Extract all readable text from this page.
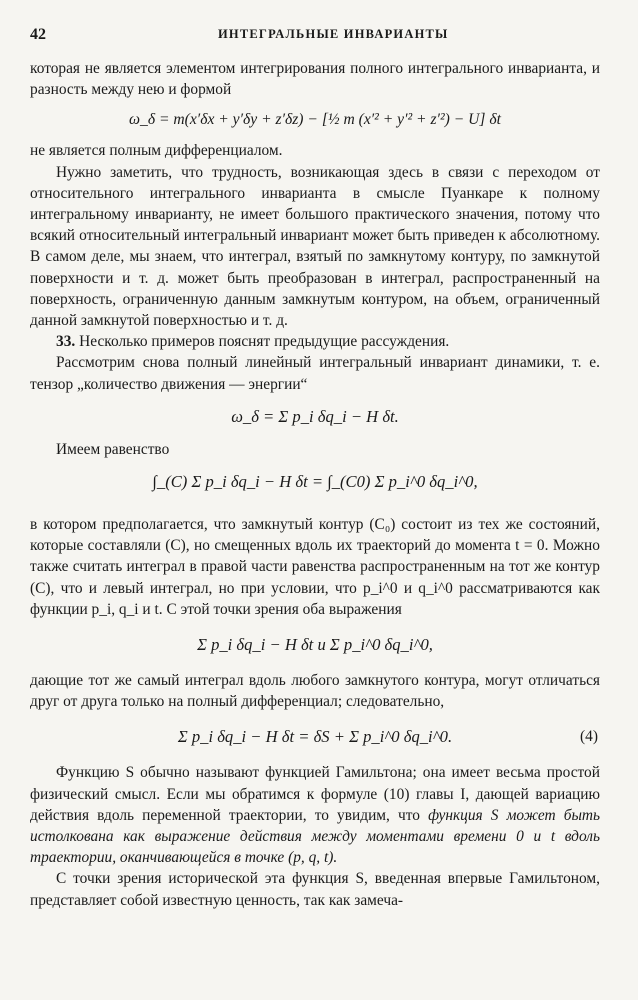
42	ИНТЕГРАЛЬНЫЕ ИНВАРИАНТЫ

которая не является элементом интегрирования полного интегрального инварианта, и разность между нею и формой

ω_δ = m(x′δx + y′δy + z′δz) − [½ m (x′² + y′² + z′²) − U] δt

не является полным дифференциалом.

Нужно заметить, что трудность, возникающая здесь в связи с переходом от относительного интегрального инварианта в смысле Пуанкаре к полному интегральному инварианту, не имеет большого практического значения, потому что всякий относительный интегральный инвариант может быть приведен к абсолютному. В самом деле, мы знаем, что интеграл, взятый по замкнутому контуру, по замкнутой поверхности и т. д. может быть преобразован в интеграл, распространенный на поверхность, ограниченную данным замкнутым контуром, на объем, ограниченный данной замкнутой поверхностью и т. д.

33. Несколько примеров пояснят предыдущие рассуждения.

Рассмотрим снова полный линейный интегральный инвариант динамики, т. е. тензор „количество движения — энергии“

ω_δ = Σ p_i δq_i − H δt.

Имеем равенство

∫_(C) Σ p_i δq_i − H δt = ∫_(C0) Σ p_i^0 δq_i^0,

в котором предполагается, что замкнутый контур (C₀) состоит из тех же состояний, которые составляли (C), но смещенных вдоль их траекторий до момента t = 0. Можно также считать интеграл в правой части равенства распространенным на тот же контур (C), что и левый интеграл, но при условии, что p_i^0 и q_i^0 рассматриваются как функции p_i, q_i и t. С этой точки зрения оба выражения

Σ p_i δq_i − H δt и Σ p_i^0 δq_i^0,

дающие тот же самый интеграл вдоль любого замкнутого контура, могут отличаться друг от друга только на полный дифференциал; следовательно,

Σ p_i δq_i − H δt = δS + Σ p_i^0 δq_i^0.	(4)

Функцию S обычно называют функцией Гамильтона; она имеет весьма простой физический смысл. Если мы обратимся к формуле (10) главы I, дающей вариацию действия вдоль переменной траектории, то увидим, что функция S может быть истолкована как выражение действия между моментами времени 0 и t вдоль траектории, оканчивающейся в точке (p, q, t).

С точки зрения исторической эта функция S, введенная впервые Гамильтоном, представляет собой известную ценность, так как замеча-
